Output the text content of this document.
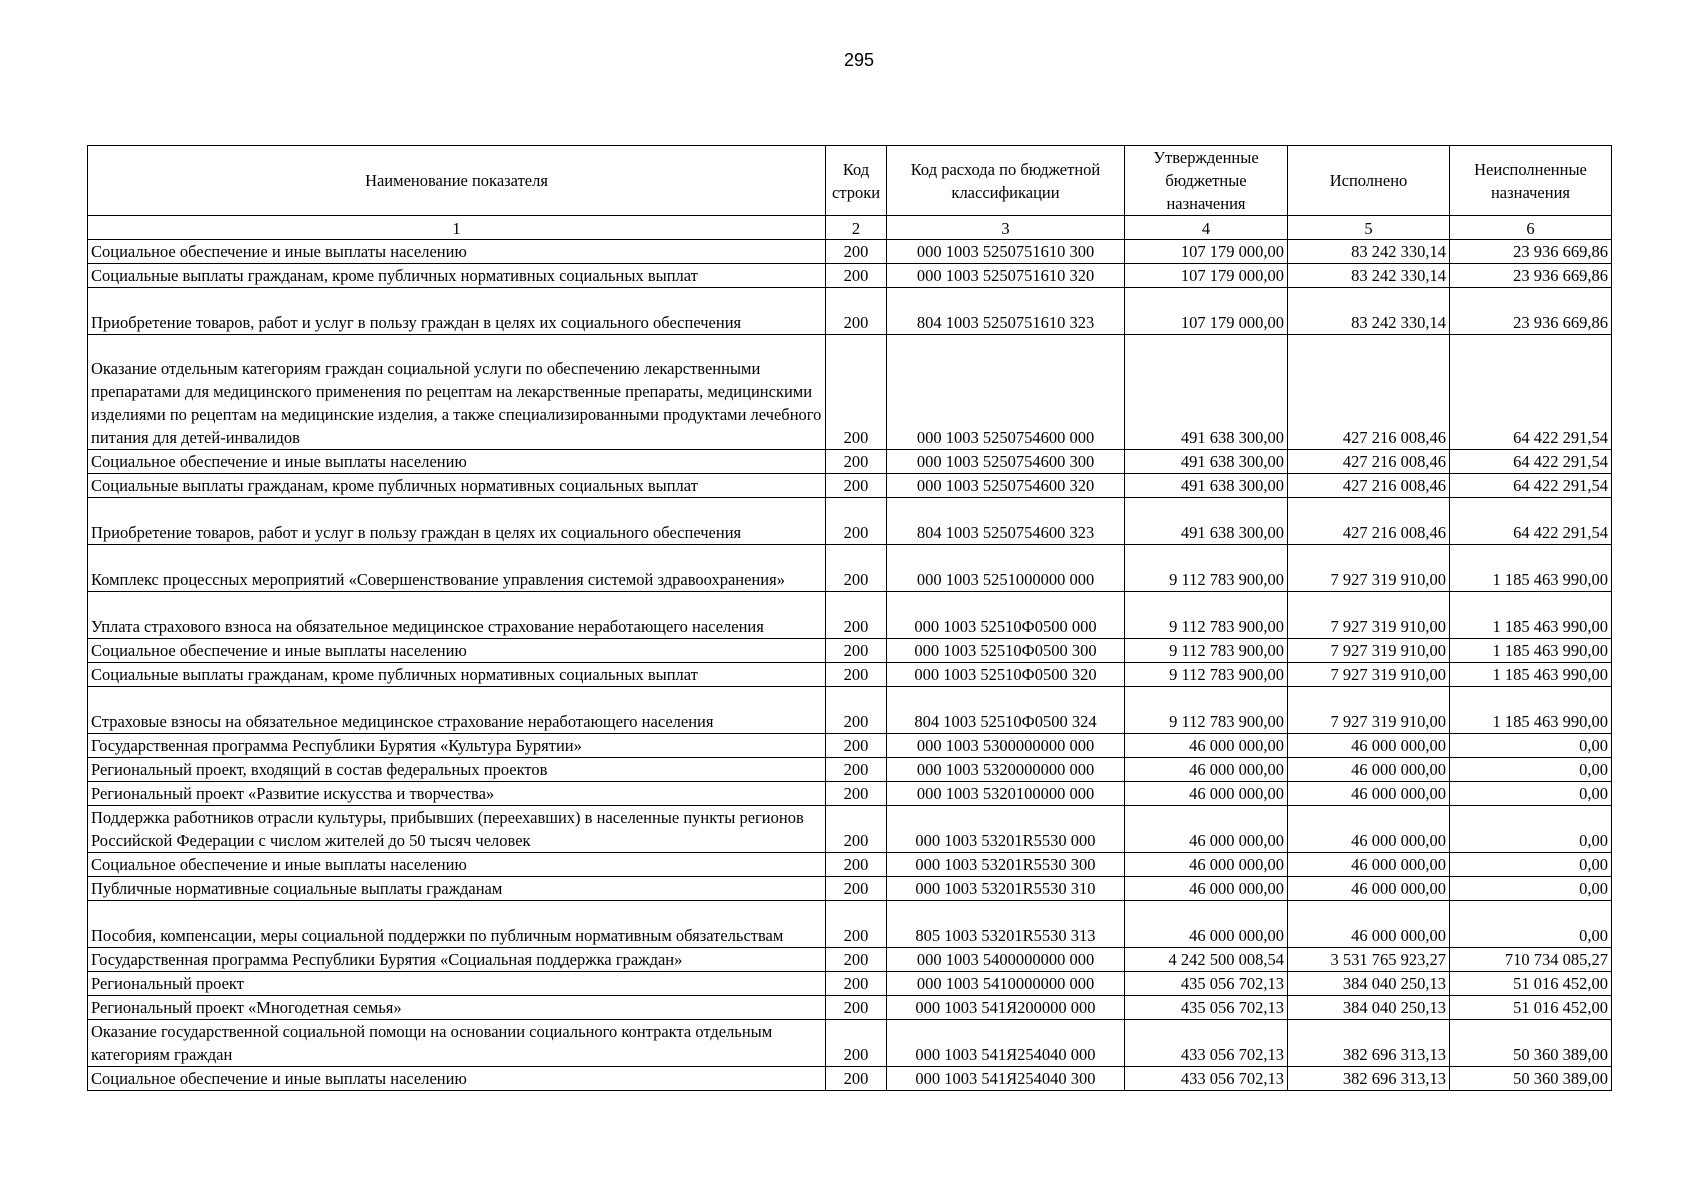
295
Наименование показателя	Код строки	Код расхода по бюджетной классификации	Утвержденные бюджетные назначения	Исполнено	Неисполненные назначения
1	2	3	4	5	6
Социальное обеспечение и иные выплаты населению	200	000 1003 5250751610 300	107 179 000,00	83 242 330,14	23 936 669,86
Социальные выплаты гражданам, кроме публичных нормативных социальных выплат	200	000 1003 5250751610 320	107 179 000,00	83 242 330,14	23 936 669,86
Приобретение товаров, работ и услуг в пользу граждан в целях их социального обеспечения	200	804 1003 5250751610 323	107 179 000,00	83 242 330,14	23 936 669,86
Оказание отдельным категориям граждан социальной услуги по обеспечению лекарственными препаратами для медицинского применения по рецептам на лекарственные препараты, медицинскими изделиями по рецептам на медицинские изделия, а также специализированными продуктами лечебного питания для детей-инвалидов	200	000 1003 5250754600 000	491 638 300,00	427 216 008,46	64 422 291,54
Социальное обеспечение и иные выплаты населению	200	000 1003 5250754600 300	491 638 300,00	427 216 008,46	64 422 291,54
Социальные выплаты гражданам, кроме публичных нормативных социальных выплат	200	000 1003 5250754600 320	491 638 300,00	427 216 008,46	64 422 291,54
Приобретение товаров, работ и услуг в пользу граждан в целях их социального обеспечения	200	804 1003 5250754600 323	491 638 300,00	427 216 008,46	64 422 291,54
Комплекс процессных мероприятий «Совершенствование управления системой здравоохранения»	200	000 1003 5251000000 000	9 112 783 900,00	7 927 319 910,00	1 185 463 990,00
Уплата страхового взноса на обязательное медицинское страхование неработающего населения	200	000 1003 52510Ф0500 000	9 112 783 900,00	7 927 319 910,00	1 185 463 990,00
Социальное обеспечение и иные выплаты населению	200	000 1003 52510Ф0500 300	9 112 783 900,00	7 927 319 910,00	1 185 463 990,00
Социальные выплаты гражданам, кроме публичных нормативных социальных выплат	200	000 1003 52510Ф0500 320	9 112 783 900,00	7 927 319 910,00	1 185 463 990,00
Страховые взносы на обязательное медицинское страхование неработающего населения	200	804 1003 52510Ф0500 324	9 112 783 900,00	7 927 319 910,00	1 185 463 990,00
Государственная программа Республики Бурятия «Культура Бурятии»	200	000 1003 5300000000 000	46 000 000,00	46 000 000,00	0,00
Региональный проект, входящий в состав федеральных проектов	200	000 1003 5320000000 000	46 000 000,00	46 000 000,00	0,00
Региональный проект «Развитие искусства и творчества»	200	000 1003 5320100000 000	46 000 000,00	46 000 000,00	0,00
Поддержка работников отрасли культуры, прибывших (переехавших) в населенные пункты регионов Российской Федерации с числом жителей до 50 тысяч человек	200	000 1003 53201R5530 000	46 000 000,00	46 000 000,00	0,00
Социальное обеспечение и иные выплаты населению	200	000 1003 53201R5530 300	46 000 000,00	46 000 000,00	0,00
Публичные нормативные социальные выплаты гражданам	200	000 1003 53201R5530 310	46 000 000,00	46 000 000,00	0,00
Пособия, компенсации, меры социальной поддержки по публичным нормативным обязательствам	200	805 1003 53201R5530 313	46 000 000,00	46 000 000,00	0,00
Государственная программа Республики Бурятия «Социальная поддержка граждан»	200	000 1003 5400000000 000	4 242 500 008,54	3 531 765 923,27	710 734 085,27
Региональный проект	200	000 1003 5410000000 000	435 056 702,13	384 040 250,13	51 016 452,00
Региональный проект «Многодетная семья»	200	000 1003 541Я200000 000	435 056 702,13	384 040 250,13	51 016 452,00
Оказание государственной социальной помощи на основании социального контракта отдельным категориям граждан	200	000 1003 541Я254040 000	433 056 702,13	382 696 313,13	50 360 389,00
Социальное обеспечение и иные выплаты населению	200	000 1003 541Я254040 300	433 056 702,13	382 696 313,13	50 360 389,00
